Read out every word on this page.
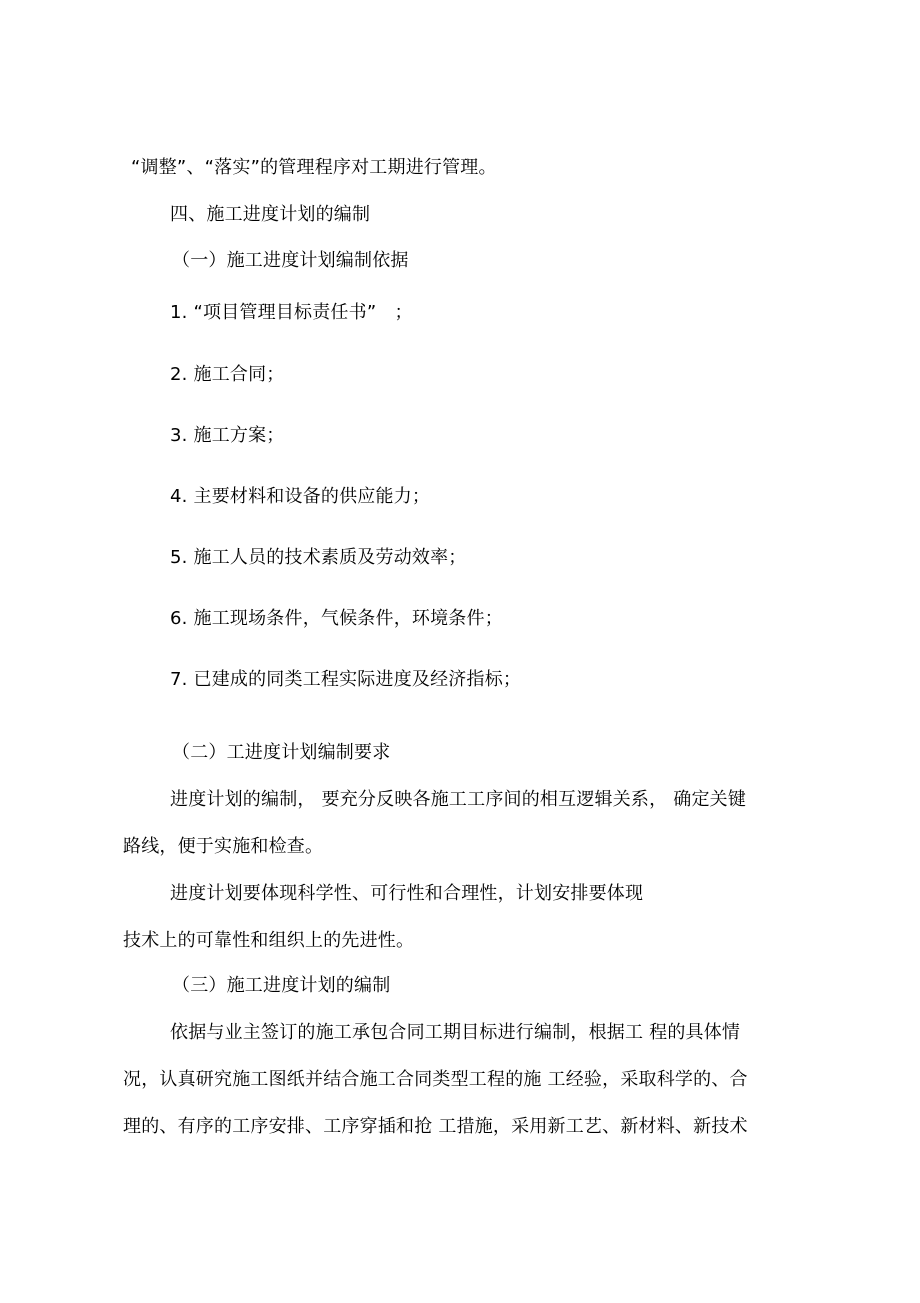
“调整”、“落实”的管理程序对工期进行管理。
四、施工进度计划的编制
（一）施工进度计划编制依据
1. “项目管理目标责任书”　；
2. 施工合同；
3. 施工方案；
4. 主要材料和设备的供应能力；
5. 施工人员的技术素质及劳动效率；
6. 施工现场条件，气候条件，环境条件；
7. 已建成的同类工程实际进度及经济指标；
（二）工进度计划编制要求
进度计划的编制， 要充分反映各施工工序间的相互逻辑关系， 确定关键
路线，便于实施和检查。
进度计划要体现科学性、可行性和合理性，计划安排要体现
技术上的可靠性和组织上的先进性。
（三）施工进度计划的编制
依据与业主签订的施工承包合同工期目标进行编制，根据工 程的具体情
况，认真研究施工图纸并结合施工合同类型工程的施 工经验，采取科学的、合
理的、有序的工序安排、工序穿插和抢 工措施，采用新工艺、新材料、新技术
